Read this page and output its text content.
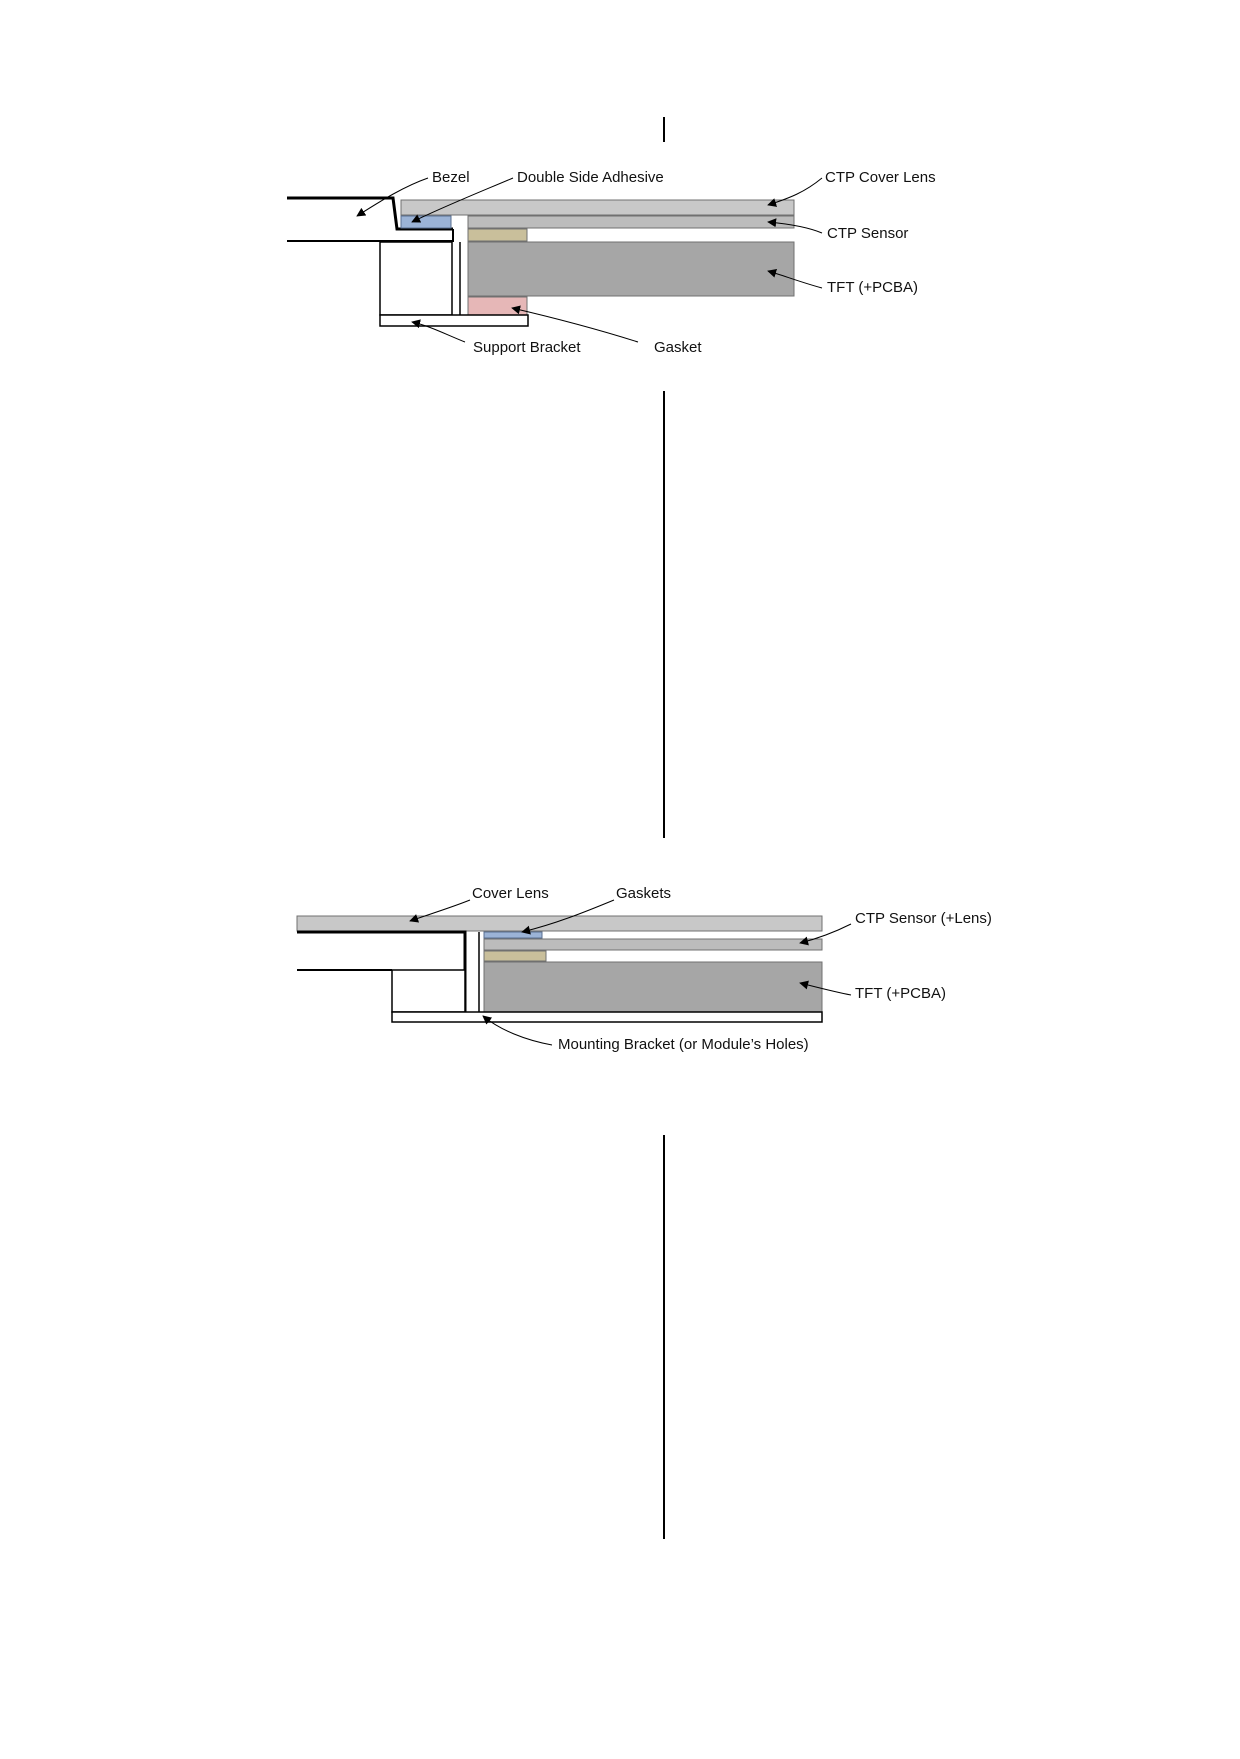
Bezel	Double Side Adhesive	CTP Cover Lens
CTP Sensor
TFT (+PCBA)
Support Bracket	Gasket
Cover Lens	Gaskets
CTP Sensor (+Lens)
TFT (+PCBA)
Mounting Bracket (or Module’s Holes)
